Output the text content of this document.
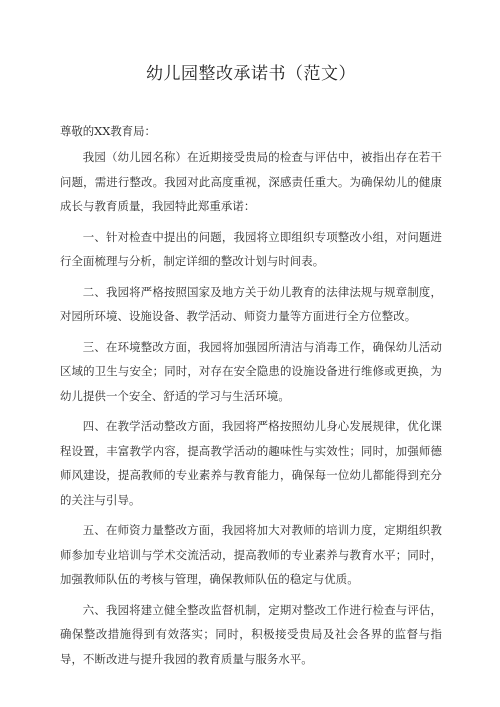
幼儿园整改承诺书（范文）

尊敬的XX教育局：

我园（幼儿园名称）在近期接受贵局的检查与评估中，被指出存在若干问题，需进行整改。我园对此高度重视，深感责任重大。为确保幼儿的健康成长与教育质量，我园特此郑重承诺：

一、针对检查中提出的问题，我园将立即组织专项整改小组，对问题进行全面梳理与分析，制定详细的整改计划与时间表。

二、我园将严格按照国家及地方关于幼儿教育的法律法规与规章制度，对园所环境、设施设备、教学活动、师资力量等方面进行全方位整改。

三、在环境整改方面，我园将加强园所清洁与消毒工作，确保幼儿活动区域的卫生与安全；同时，对存在安全隐患的设施设备进行维修或更换，为幼儿提供一个安全、舒适的学习与生活环境。

四、在教学活动整改方面，我园将严格按照幼儿身心发展规律，优化课程设置，丰富教学内容，提高教学活动的趣味性与实效性；同时，加强师德师风建设，提高教师的专业素养与教育能力，确保每一位幼儿都能得到充分的关注与引导。

五、在师资力量整改方面，我园将加大对教师的培训力度，定期组织教师参加专业培训与学术交流活动，提高教师的专业素养与教育水平；同时，加强教师队伍的考核与管理，确保教师队伍的稳定与优质。

六、我园将建立健全整改监督机制，定期对整改工作进行检查与评估，确保整改措施得到有效落实；同时，积极接受贵局及社会各界的监督与指导，不断改进与提升我园的教育质量与服务水平。
